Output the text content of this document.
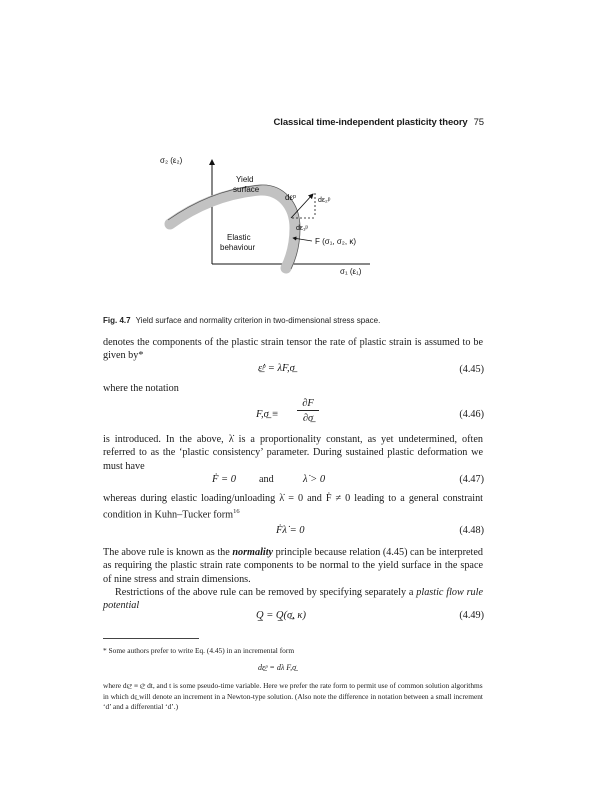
Classical time-independent plasticity theory 75
σ₂ (ε₂)
σ₁ (ε₁)
Yield
surface
Elastic
behaviour
F (σ₁, σ₂, κ)
dεᵖ	dε₂ᵖ
dε₁ᵖ
Fig. 4.7 Yield surface and normality criterion in two-dimensional stress space.
denotes the components of the plastic strain tensor the rate of plastic strain is assumed to be given by*
ε̲̇ᵖ = λ̇F,σ̲	(4.45)
where the notation
F,σ̲ ≡
∂F
∂σ̲	(4.46)
is introduced. In the above, λ̇ is a proportionality constant, as yet undetermined, often referred to as the ‘plastic consistency’ parameter. During sustained plastic deformation we must have
Ḟ = 0 and	λ̇ > 0	(4.47)
whereas during elastic loading/unloading λ̇ = 0 and Ḟ ≠ 0 leading to a general constraint condition in Kuhn–Tucker form$^{16}$
Ḟλ̇ = 0	(4.48)
The above rule is known as the normality principle because relation (4.45) can be interpreted as requiring the plastic strain rate components to be normal to the yield surface in the space of nine stress and strain dimensions.
Restrictions of the above rule can be removed by specifying separately a plastic flow rule potential
Q̲ = Q̲(σ̲, κ)	(4.49)
* Some authors prefer to write Eq. (4.45) in an incremental form
dε̲ᵖ = dλ F,σ̲
where dε̲ᵖ ≡ ε̲̇ᵖ dt, and t is some pseudo-time variable. Here we prefer the rate form to permit use of common solution algorithms in which dε̲ will denote an increment in a Newton-type solution. (Also note the difference in notation between a small increment ‘d’ and a differential ‘d’.)
